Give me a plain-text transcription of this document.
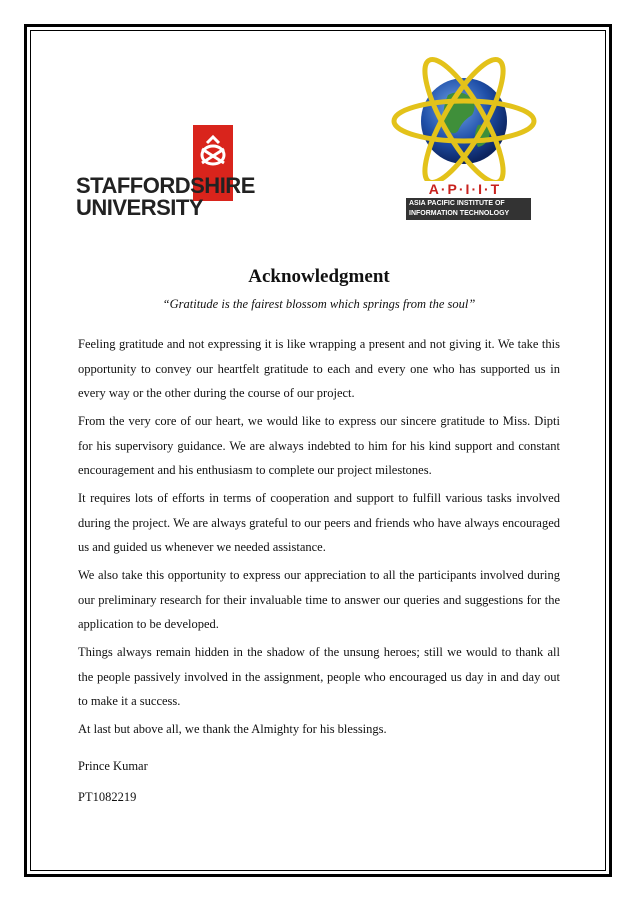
STAFFORDSHIRE
UNIVERSITY
A·P·I·I·T
ASIA PACIFIC INSTITUTE OF
INFORMATION TECHNOLOGY
Acknowledgment
“Gratitude is the fairest blossom which springs from the soul”

Feeling gratitude and not expressing it is like wrapping a present and not giving it. We take this opportunity to convey our heartfelt gratitude to each and every one who has supported us in every way or the other during the course of our project.

From the very core of our heart, we would like to express our sincere gratitude to Miss. Dipti for his supervisory guidance. We are always indebted to him for his kind support and constant encouragement and his enthusiasm to complete our project milestones.

It requires lots of efforts in terms of cooperation and support to fulfill various tasks involved during the project. We are always grateful to our peers and friends who have always encouraged us and guided us whenever we needed assistance.

We also take this opportunity to express our appreciation to all the participants involved during our preliminary research for their invaluable time to answer our queries and suggestions for the application to be developed.

Things always remain hidden in the shadow of the unsung heroes; still we would to thank all the people passively involved in the assignment, people who encouraged us day in and day out to make it a success.

At last but above all, we thank the Almighty for his blessings.

Prince Kumar
PT1082219
